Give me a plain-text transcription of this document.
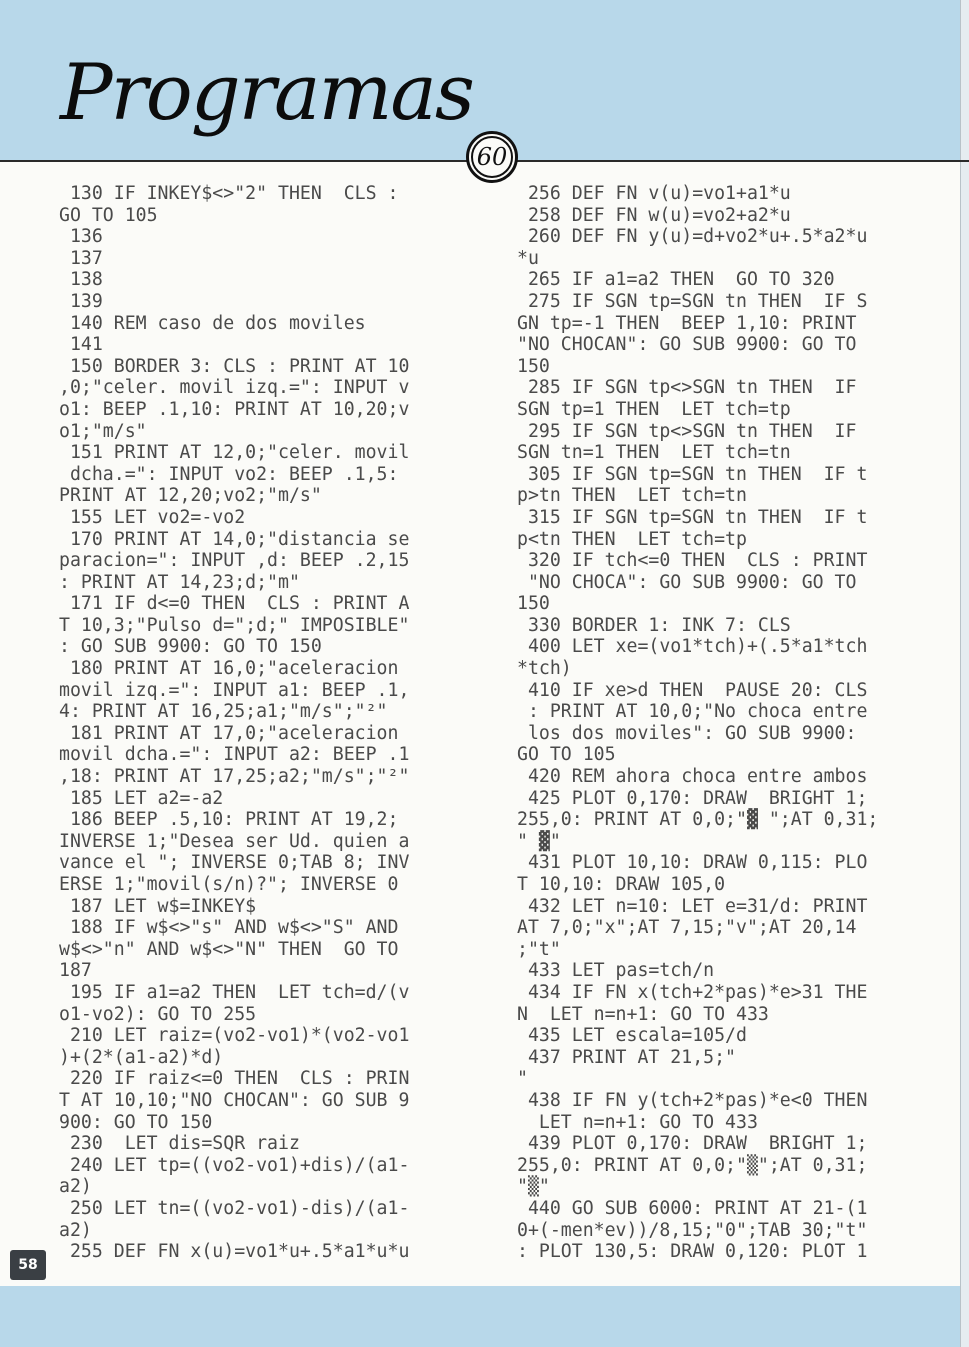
Programas
60
130 IF INKEY$<>"2" THEN  CLS :
GO TO 105
136
137
138
139
140 REM caso de dos moviles
141
150 BORDER 3: CLS : PRINT AT 10
,0;"celer. movil izq.=": INPUT v
o1: BEEP .1,10: PRINT AT 10,20;v
o1;"m/s"
151 PRINT AT 12,0;"celer. movil
dcha.=": INPUT vo2: BEEP .1,5:
PRINT AT 12,20;vo2;"m/s"
155 LET vo2=-vo2
170 PRINT AT 14,0;"distancia se
paracion=": INPUT ,d: BEEP .2,15
: PRINT AT 14,23;d;"m"
171 IF d<=0 THEN  CLS : PRINT A
T 10,3;"Pulso d=";d;" IMPOSIBLE"
: GO SUB 9900: GO TO 150
180 PRINT AT 16,0;"aceleracion
movil izq.=": INPUT a1: BEEP .1,
4: PRINT AT 16,25;a1;"m/s";"²"
181 PRINT AT 17,0;"aceleracion
movil dcha.=": INPUT a2: BEEP .1
,18: PRINT AT 17,25;a2;"m/s";"²"
185 LET a2=-a2
186 BEEP .5,10: PRINT AT 19,2;
INVERSE 1;"Desea ser Ud. quien a
vance el "; INVERSE 0;TAB 8; INV
ERSE 1;"movil(s/n)?"; INVERSE 0
187 LET w$=INKEY$
188 IF w$<>"s" AND w$<>"S" AND
w$<>"n" AND w$<>"N" THEN  GO TO
187
195 IF a1=a2 THEN  LET tch=d/(v
o1-vo2): GO TO 255
210 LET raiz=(vo2-vo1)*(vo2-vo1
)+(2*(a1-a2)*d)
220 IF raiz<=0 THEN  CLS : PRIN
T AT 10,10;"NO CHOCAN": GO SUB 9
900: GO TO 150
230  LET dis=SQR raiz
240 LET tp=((vo2-vo1)+dis)/(a1-
a2)
250 LET tn=((vo2-vo1)-dis)/(a1-
a2)
255 DEF FN x(u)=vo1*u+.5*a1*u*u
256 DEF FN v(u)=vo1+a1*u
258 DEF FN w(u)=vo2+a2*u
260 DEF FN y(u)=d+vo2*u+.5*a2*u
*u
265 IF a1=a2 THEN  GO TO 320
275 IF SGN tp=SGN tn THEN  IF S
GN tp=-1 THEN  BEEP 1,10: PRINT
"NO CHOCAN": GO SUB 9900: GO TO
150
285 IF SGN tp<>SGN tn THEN  IF
SGN tp=1 THEN  LET tch=tp
295 IF SGN tp<>SGN tn THEN  IF
SGN tn=1 THEN  LET tch=tn
305 IF SGN tp=SGN tn THEN  IF t
p>tn THEN  LET tch=tn
315 IF SGN tp=SGN tn THEN  IF t
p<tn THEN  LET tch=tp
320 IF tch<=0 THEN  CLS : PRINT
"NO CHOCA": GO SUB 9900: GO TO
150
330 BORDER 1: INK 7: CLS
400 LET xe=(vo1*tch)+(.5*a1*tch
*tch)
410 IF xe>d THEN  PAUSE 20: CLS
: PRINT AT 10,0;"No choca entre
los dos moviles": GO SUB 9900:
GO TO 105
420 REM ahora choca entre ambos
425 PLOT 0,170: DRAW  BRIGHT 1;
255,0: PRINT AT 0,0;"▓ ";AT 0,31;
" ▓"
431 PLOT 10,10: DRAW 0,115: PLO
T 10,10: DRAW 105,0
432 LET n=10: LET e=31/d: PRINT
AT 7,0;"x";AT 7,15;"v";AT 20,14
;"t"
433 LET pas=tch/n
434 IF FN x(tch+2*pas)*e>31 THE
N  LET n=n+1: GO TO 433
435 LET escala=105/d
437 PRINT AT 21,5;"
"
438 IF FN y(tch+2*pas)*e<0 THEN
LET n=n+1: GO TO 433
439 PLOT 0,170: DRAW  BRIGHT 1;
255,0: PRINT AT 0,0;"▒";AT 0,31;
"▒"
440 GO SUB 6000: PRINT AT 21-(1
0+(-men*ev))/8,15;"0";TAB 30;"t"
: PLOT 130,5: DRAW 0,120: PLOT 1
58
